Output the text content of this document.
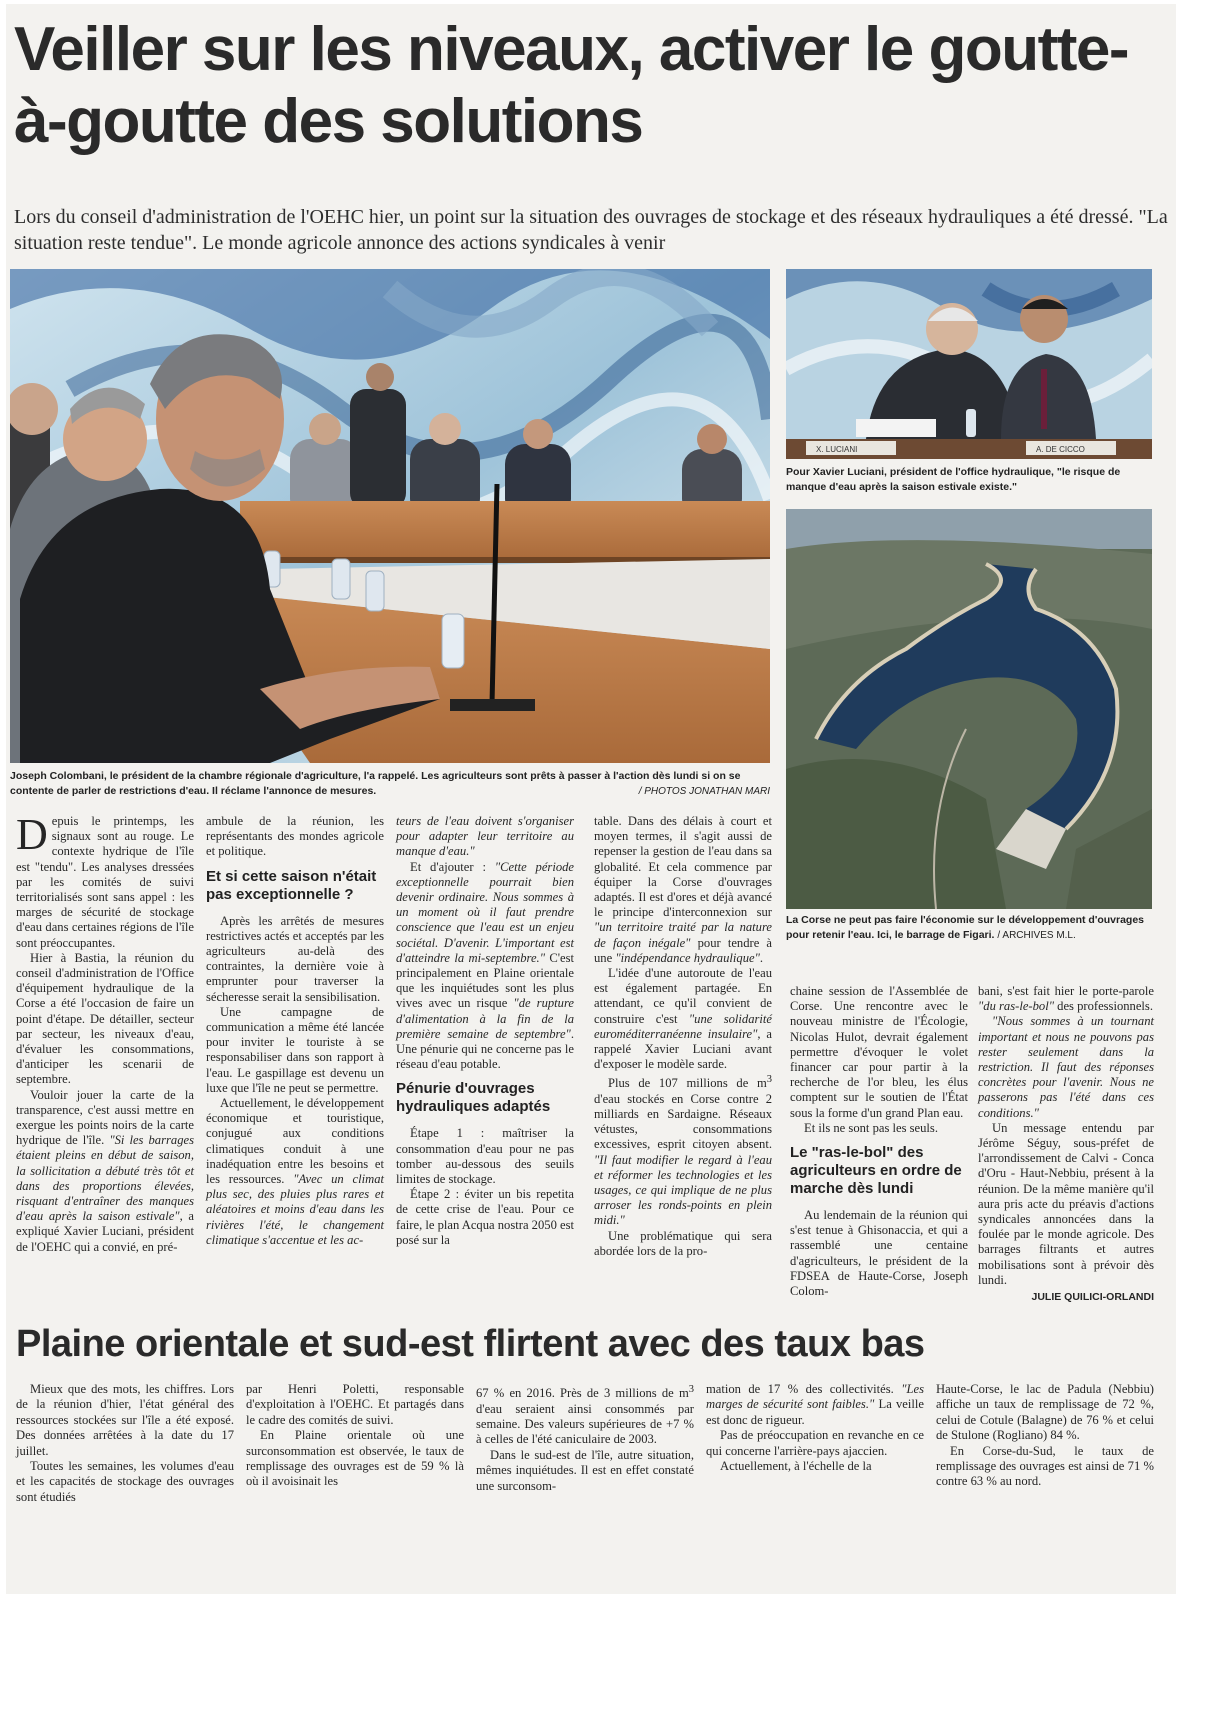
Veiller sur les niveaux, activer le goutte-à-goutte des solutions

Lors du conseil d'administration de l'OEHC hier, un point sur la situation des ouvrages de stockage et des réseaux hydrauliques a été dressé. "La situation reste tendue". Le monde agricole annonce des actions syndicales à venir

Joseph Colombani, le président de la chambre régionale d'agriculture, l'a rappelé. Les agriculteurs sont prêts à passer à l'action dès lundi si on se contente de parler de restrictions d'eau. Il réclame l'annonce de mesures.	/ PHOTOS JONATHAN MARI

X. LUCIANI	A. DE CICCO

Pour Xavier Luciani, président de l'office hydraulique, "le risque de manque d'eau après la saison estivale existe."

La Corse ne peut pas faire l'économie sur le développement d'ouvrages pour retenir l'eau. Ici, le barrage de Figari. / ARCHIVES M.L.

Depuis le printemps, les signaux sont au rouge. Le contexte hydrique de l'île est "tendu". Les analyses dressées par les comités de suivi territorialisés sont sans appel : les marges de sécurité de stockage d'eau dans certaines régions de l'île sont préoccupantes.

Hier à Bastia, la réunion du conseil d'administration de l'Office d'équipement hydraulique de la Corse a été l'occasion de faire un point d'étape. De détailler, secteur par secteur, les niveaux d'eau, d'évaluer les consommations, d'anticiper les scenarii de septembre.

Vouloir jouer la carte de la transparence, c'est aussi mettre en exergue les points noirs de la carte hydrique de l'île. "Si les barrages étaient pleins en début de saison, la sollicitation a débuté très tôt et dans des proportions élevées, risquant d'entraîner des manques d'eau après la saison estivale", a expliqué Xavier Luciani, président de l'OEHC qui a convié, en pré-

ambule de la réunion, les représentants des mondes agricole et politique.

Et si cette saison n'était pas exceptionnelle ?

Après les arrêtés de mesures restrictives actés et acceptés par les agriculteurs au-delà des contraintes, la dernière voie à emprunter pour traverser la sécheresse serait la sensibilisation.

Une campagne de communication a même été lancée pour inviter le touriste à se responsabiliser dans son rapport à l'eau. Le gaspillage est devenu un luxe que l'île ne peut se permettre.

Actuellement, le développement économique et touristique, conjugué aux conditions climatiques conduit à une inadéquation entre les besoins et les ressources. "Avec un climat plus sec, des pluies plus rares et aléatoires et moins d'eau dans les rivières l'été, le changement climatique s'accentue et les ac-

teurs de l'eau doivent s'organiser pour adapter leur territoire au manque d'eau."

Et d'ajouter : "Cette période exceptionnelle pourrait bien devenir ordinaire. Nous sommes à un moment où il faut prendre conscience que l'eau est un enjeu sociétal. D'avenir. L'important est d'atteindre la mi-septembre." C'est principalement en Plaine orientale que les inquiétudes sont les plus vives avec un risque "de rupture d'alimentation à la fin de la première semaine de septembre". Une pénurie qui ne concerne pas le réseau d'eau potable.

Pénurie d'ouvrages hydrauliques adaptés

Étape 1 : maîtriser la consommation d'eau pour ne pas tomber au-dessous des seuils limites de stockage.

Étape 2 : éviter un bis repetita de cette crise de l'eau. Pour ce faire, le plan Acqua nostra 2050 est posé sur la

table. Dans des délais à court et moyen termes, il s'agit aussi de repenser la gestion de l'eau dans sa globalité. Et cela commence par équiper la Corse d'ouvrages adaptés. Il est d'ores et déjà avancé le principe d'interconnexion sur "un territoire traité par la nature de façon inégale" pour tendre à une "indépendance hydraulique".

L'idée d'une autoroute de l'eau est également partagée. En attendant, ce qu'il convient de construire c'est "une solidarité euroméditerranéenne insulaire", a rappelé Xavier Luciani avant d'exposer le modèle sarde.

Plus de 107 millions de $m^3$ d'eau stockés en Corse contre 2 milliards en Sardaigne. Réseaux vétustes, consommations excessives, esprit citoyen absent. "Il faut modifier le regard à l'eau et réformer les technologies et les usages, ce qui implique de ne plus arroser les ronds-points en plein midi."

Une problématique qui sera abordée lors de la pro-

chaine session de l'Assemblée de Corse. Une rencontre avec le nouveau ministre de l'Écologie, Nicolas Hulot, devrait également permettre d'évoquer le volet financer car pour partir à la recherche de l'or bleu, les élus comptent sur le soutien de l'État sous la forme d'un grand Plan eau.

Et ils ne sont pas les seuls.

Le "ras-le-bol" des agriculteurs en ordre de marche dès lundi

Au lendemain de la réunion qui s'est tenue à Ghisonaccia, et qui a rassemblé une centaine d'agriculteurs, le président de la FDSEA de Haute-Corse, Joseph Colom-

bani, s'est fait hier le porte-parole "du ras-le-bol" des professionnels.

"Nous sommes à un tournant important et nous ne pouvons pas rester seulement dans la restriction. Il faut des réponses concrètes pour l'avenir. Nous ne passerons pas l'été dans ces conditions."

Un message entendu par Jérôme Séguy, sous-préfet de l'arrondissement de Calvi - Conca d'Oru - Haut-Nebbiu, présent à la réunion. De la même manière qu'il aura pris acte du préavis d'actions syndicales annoncées dans la foulée par le monde agricole. Des barrages filtrants et autres mobilisations sont à prévoir dès lundi.

JULIE QUILICI-ORLANDI
Plaine orientale et sud-est flirtent avec des taux bas

Mieux que des mots, les chiffres. Lors de la réunion d'hier, l'état général des ressources stockées sur l'île a été exposé. Des données arrêtées à la date du 17 juillet.

Toutes les semaines, les volumes d'eau et les capacités de stockage des ouvrages sont étudiés

par Henri Poletti, responsable d'exploitation à l'OEHC. Et partagés dans le cadre des comités de suivi.

En Plaine orientale où une surconsommation est observée, le taux de remplissage des ouvrages est de 59 % là où il avoisinait les

67 % en 2016. Près de 3 millions de $m^3$ d'eau seraient ainsi consommés par semaine. Des valeurs supérieures de +7 % à celles de l'été caniculaire de 2003.

Dans le sud-est de l'île, autre situation, mêmes inquiétudes. Il est en effet constaté une surconsom-

mation de 17 % des collectivités. "Les marges de sécurité sont faibles." La veille est donc de rigueur.

Pas de préoccupation en revanche en ce qui concerne l'arrière-pays ajaccien.

Actuellement, à l'échelle de la

Haute-Corse, le lac de Padula (Nebbiu) affiche un taux de remplissage de 72 %, celui de Cotule (Balagne) de 76 % et celui de Stulone (Rogliano) 84 %.

En Corse-du-Sud, le taux de remplissage des ouvrages est ainsi de 71 % contre 63 % au nord.
